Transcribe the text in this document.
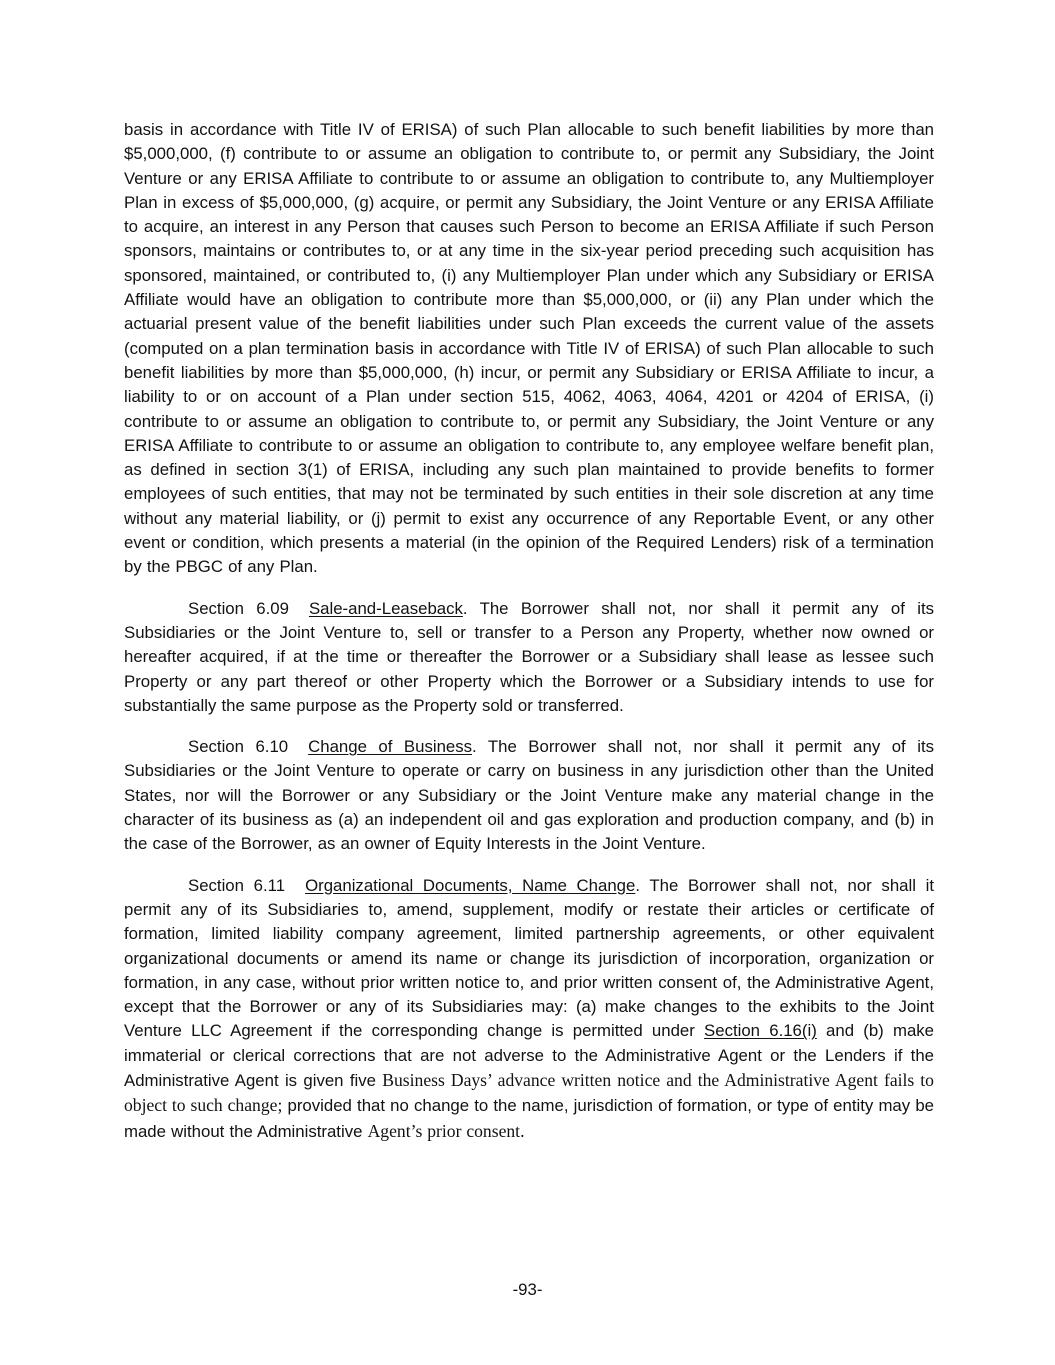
basis in accordance with Title IV of ERISA) of such Plan allocable to such benefit liabilities by more than $5,000,000, (f) contribute to or assume an obligation to contribute to, or permit any Subsidiary, the Joint Venture or any ERISA Affiliate to contribute to or assume an obligation to contribute to, any Multiemployer Plan in excess of $5,000,000, (g) acquire, or permit any Subsidiary, the Joint Venture or any ERISA Affiliate to acquire, an interest in any Person that causes such Person to become an ERISA Affiliate if such Person sponsors, maintains or contributes to, or at any time in the six-year period preceding such acquisition has sponsored, maintained, or contributed to, (i) any Multiemployer Plan under which any Subsidiary or ERISA Affiliate would have an obligation to contribute more than $5,000,000, or (ii) any Plan under which the actuarial present value of the benefit liabilities under such Plan exceeds the current value of the assets (computed on a plan termination basis in accordance with Title IV of ERISA) of such Plan allocable to such benefit liabilities by more than $5,000,000, (h) incur, or permit any Subsidiary or ERISA Affiliate to incur, a liability to or on account of a Plan under section 515, 4062, 4063, 4064, 4201 or 4204 of ERISA, (i) contribute to or assume an obligation to contribute to, or permit any Subsidiary, the Joint Venture or any ERISA Affiliate to contribute to or assume an obligation to contribute to, any employee welfare benefit plan, as defined in section 3(1) of ERISA, including any such plan maintained to provide benefits to former employees of such entities, that may not be terminated by such entities in their sole discretion at any time without any material liability, or (j) permit to exist any occurrence of any Reportable Event, or any other event or condition, which presents a material (in the opinion of the Required Lenders) risk of a termination by the PBGC of any Plan.

Section 6.09 Sale-and-Leaseback. The Borrower shall not, nor shall it permit any of its Subsidiaries or the Joint Venture to, sell or transfer to a Person any Property, whether now owned or hereafter acquired, if at the time or thereafter the Borrower or a Subsidiary shall lease as lessee such Property or any part thereof or other Property which the Borrower or a Subsidiary intends to use for substantially the same purpose as the Property sold or transferred.

Section 6.10 Change of Business. The Borrower shall not, nor shall it permit any of its Subsidiaries or the Joint Venture to operate or carry on business in any jurisdiction other than the United States, nor will the Borrower or any Subsidiary or the Joint Venture make any material change in the character of its business as (a) an independent oil and gas exploration and production company, and (b) in the case of the Borrower, as an owner of Equity Interests in the Joint Venture.

Section 6.11 Organizational Documents, Name Change. The Borrower shall not, nor shall it permit any of its Subsidiaries to, amend, supplement, modify or restate their articles or certificate of formation, limited liability company agreement, limited partnership agreements, or other equivalent organizational documents or amend its name or change its jurisdiction of incorporation, organization or formation, in any case, without prior written notice to, and prior written consent of, the Administrative Agent, except that the Borrower or any of its Subsidiaries may: (a) make changes to the exhibits to the Joint Venture LLC Agreement if the corresponding change is permitted under Section 6.16(i) and (b) make immaterial or clerical corrections that are not adverse to the Administrative Agent or the Lenders if the Administrative Agent is given five Business Days’ advance written notice and the Administrative Agent fails to object to such change; provided that no change to the name, jurisdiction of formation, or type of entity may be made without the Administrative Agent’s prior consent.

-93-
